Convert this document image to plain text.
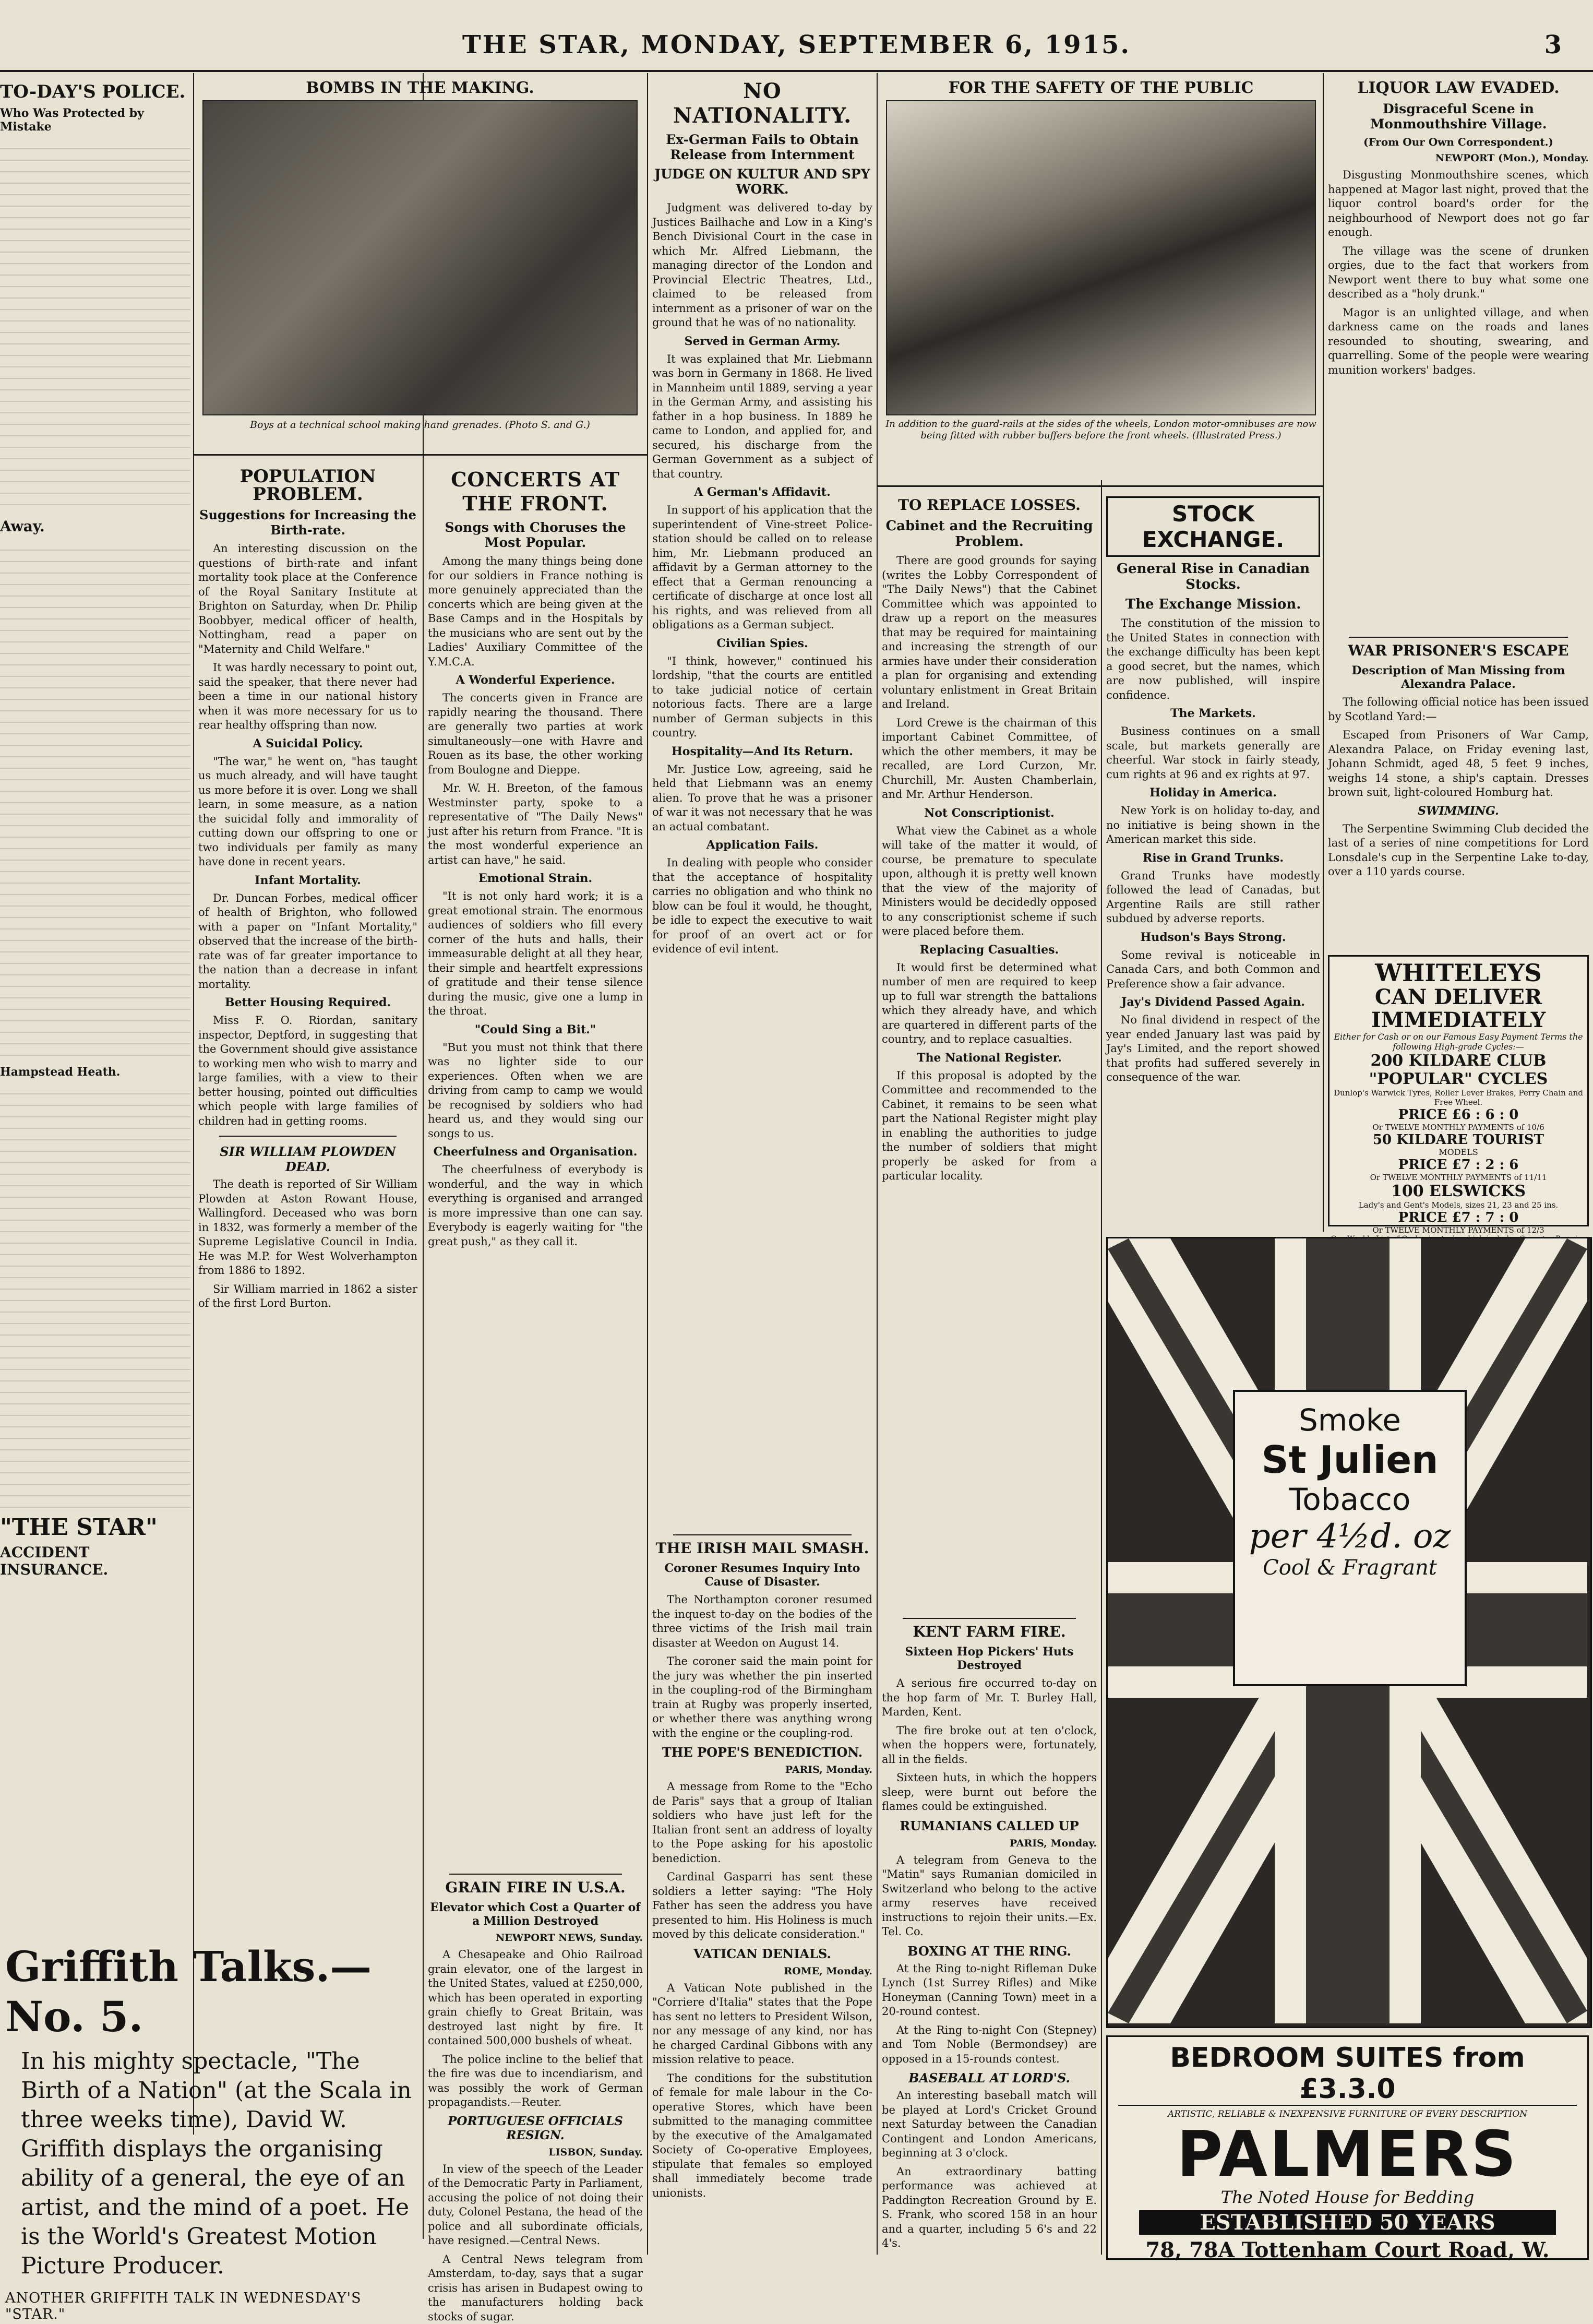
THE STAR, MONDAY, SEPTEMBER 6, 1915.	3
TO-DAY'S POLICE.
Who Was Protected by Mistake
Away.
Hampstead Heath.
"THE STAR"
ACCIDENT INSURANCE.
Griffith Talks.—No. 5.
In his mighty spectacle, "The Birth of a Nation" (at the Scala in three weeks time), David W. Griffith displays the organising ability of a general, the eye of an artist, and the mind of a poet. He is the World's Greatest Motion Picture Producer.
ANOTHER GRIFFITH TALK IN WEDNESDAY'S "STAR."
BOMBS IN THE MAKING.
Boys at a technical school making hand grenades. (Photo S. and G.)
POPULATION PROBLEM.
Suggestions for Increasing the Birth-rate.

An interesting discussion on the questions of birth-rate and infant mortality took place at the Conference of the Royal Sanitary Institute at Brighton on Saturday, when Dr. Philip Boobbyer, medical officer of health, Nottingham, read a paper on "Maternity and Child Welfare."

It was hardly necessary to point out, said the speaker, that there never had been a time in our national history when it was more necessary for us to rear healthy offspring than now.

A Suicidal Policy.

"The war," he went on, "has taught us much already, and will have taught us more before it is over. Long we shall learn, in some measure, as a nation the suicidal folly and immorality of cutting down our offspring to one or two individuals per family as many have done in recent years.

Infant Mortality.

Dr. Duncan Forbes, medical officer of health of Brighton, who followed with a paper on "Infant Mortality," observed that the increase of the birth-rate was of far greater importance to the nation than a decrease in infant mortality.

Better Housing Required.

Miss F. O. Riordan, sanitary inspector, Deptford, in suggesting that the Government should give assistance to working men who wish to marry and large families, with a view to their better housing, pointed out difficulties which people with large families of children had in getting rooms.

SIR WILLIAM PLOWDEN DEAD.

The death is reported of Sir William Plowden at Aston Rowant House, Wallingford. Deceased who was born in 1832, was formerly a member of the Supreme Legislative Council in India. He was M.P. for West Wolverhampton from 1886 to 1892.

Sir William married in 1862 a sister of the first Lord Burton.

CONCERTS AT THE FRONT.
Songs with Choruses the Most Popular.

Among the many things being done for our soldiers in France nothing is more genuinely appreciated than the concerts which are being given at the Base Camps and in the Hospitals by the musicians who are sent out by the Ladies' Auxiliary Committee of the Y.M.C.A.

A Wonderful Experience.

The concerts given in France are rapidly nearing the thousand. There are generally two parties at work simultaneously—one with Havre and Rouen as its base, the other working from Boulogne and Dieppe.

Mr. W. H. Breeton, of the famous Westminster party, spoke to a representative of "The Daily News" just after his return from France. "It is the most wonderful experience an artist can have," he said.

Emotional Strain.

"It is not only hard work; it is a great emotional strain. The enormous audiences of soldiers who fill every corner of the huts and halls, their immeasurable delight at all they hear, their simple and heartfelt expressions of gratitude and their tense silence during the music, give one a lump in the throat.

"Could Sing a Bit."

"But you must not think that there was no lighter side to our experiences. Often when we are driving from camp to camp we would be recognised by soldiers who had heard us, and they would sing our songs to us.

Cheerfulness and Organisation.

The cheerfulness of everybody is wonderful, and the way in which everything is organised and arranged is more impressive than one can say. Everybody is eagerly waiting for "the great push," as they call it.

GRAIN FIRE IN U.S.A.
Elevator which Cost a Quarter of a Million Destroyed
NEWPORT NEWS, Sunday.

A Chesapeake and Ohio Railroad grain elevator, one of the largest in the United States, valued at £250,000, which has been operated in exporting grain chiefly to Great Britain, was destroyed last night by fire. It contained 500,000 bushels of wheat.

The police incline to the belief that the fire was due to incendiarism, and was possibly the work of German propagandists.—Reuter.

PORTUGUESE OFFICIALS RESIGN.
LISBON, Sunday.

In view of the speech of the Leader of the Democratic Party in Parliament, accusing the police of not doing their duty, Colonel Pestana, the head of the police and all subordinate officials, have resigned.—Central News.

A Central News telegram from Amsterdam, to-day, says that a sugar crisis has arisen in Budapest owing to the manufacturers holding back stocks of sugar.

NO NATIONALITY.
Ex-German Fails to Obtain Release from Internment
JUDGE ON KULTUR AND SPY WORK.

Judgment was delivered to-day by Justices Bailhache and Low in a King's Bench Divisional Court in the case in which Mr. Alfred Liebmann, the managing director of the London and Provincial Electric Theatres, Ltd., claimed to be released from internment as a prisoner of war on the ground that he was of no nationality.

Served in German Army.

It was explained that Mr. Liebmann was born in Germany in 1868. He lived in Mannheim until 1889, serving a year in the German Army, and assisting his father in a hop business. In 1889 he came to London, and applied for, and secured, his discharge from the German Government as a subject of that country.

A German's Affidavit.

In support of his application that the superintendent of Vine-street Police-station should be called on to release him, Mr. Liebmann produced an affidavit by a German attorney to the effect that a German renouncing a certificate of discharge at once lost all his rights, and was relieved from all obligations as a German subject.

Civilian Spies.

"I think, however," continued his lordship, "that the courts are entitled to take judicial notice of certain notorious facts. There are a large number of German subjects in this country.

Hospitality—And Its Return.

Mr. Justice Low, agreeing, said he held that Liebmann was an enemy alien. To prove that he was a prisoner of war it was not necessary that he was an actual combatant.

Application Fails.

In dealing with people who consider that the acceptance of hospitality carries no obligation and who think no blow can be foul it would, he thought, be idle to expect the executive to wait for proof of an overt act or for evidence of evil intent.

THE IRISH MAIL SMASH.
Coroner Resumes Inquiry Into Cause of Disaster.

The Northampton coroner resumed the inquest to-day on the bodies of the three victims of the Irish mail train disaster at Weedon on August 14.

The coroner said the main point for the jury was whether the pin inserted in the coupling-rod of the Birmingham train at Rugby was properly inserted, or whether there was anything wrong with the engine or the coupling-rod.

THE POPE'S BENEDICTION.
PARIS, Monday.

A message from Rome to the "Echo de Paris" says that a group of Italian soldiers who have just left for the Italian front sent an address of loyalty to the Pope asking for his apostolic benediction.

Cardinal Gasparri has sent these soldiers a letter saying: "The Holy Father has seen the address you have presented to him. His Holiness is much moved by this delicate consideration."

VATICAN DENIALS.
ROME, Monday.

A Vatican Note published in the "Corriere d'Italia" states that the Pope has sent no letters to President Wilson, nor any message of any kind, nor has he charged Cardinal Gibbons with any mission relative to peace.

The conditions for the substitution of female for male labour in the Co-operative Stores, which have been submitted to the managing committee by the executive of the Amalgamated Society of Co-operative Employees, stipulate that females so employed shall immediately become trade unionists.

FOR THE SAFETY OF THE PUBLIC
In addition to the guard-rails at the sides of the wheels, London motor-omnibuses are now being fitted with rubber buffers before the front wheels. (Illustrated Press.)
TO REPLACE LOSSES.
Cabinet and the Recruiting Problem.

There are good grounds for saying (writes the Lobby Correspondent of "The Daily News") that the Cabinet Committee which was appointed to draw up a report on the measures that may be required for maintaining and increasing the strength of our armies have under their consideration a plan for organising and extending voluntary enlistment in Great Britain and Ireland.

Lord Crewe is the chairman of this important Cabinet Committee, of which the other members, it may be recalled, are Lord Curzon, Mr. Churchill, Mr. Austen Chamberlain, and Mr. Arthur Henderson.

Not Conscriptionist.

What view the Cabinet as a whole will take of the matter it would, of course, be premature to speculate upon, although it is pretty well known that the view of the majority of Ministers would be decidedly opposed to any conscriptionist scheme if such were placed before them.

Replacing Casualties.

It would first be determined what number of men are required to keep up to full war strength the battalions which they already have, and which are quartered in different parts of the country, and to replace casualties.

The National Register.

If this proposal is adopted by the Committee and recommended to the Cabinet, it remains to be seen what part the National Register might play in enabling the authorities to judge the number of soldiers that might properly be asked for from a particular locality.

KENT FARM FIRE.
Sixteen Hop Pickers' Huts Destroyed

A serious fire occurred to-day on the hop farm of Mr. T. Burley Hall, Marden, Kent.

The fire broke out at ten o'clock, when the hoppers were, fortunately, all in the fields.

Sixteen huts, in which the hoppers sleep, were burnt out before the flames could be extinguished.

RUMANIANS CALLED UP
PARIS, Monday.

A telegram from Geneva to the "Matin" says Rumanian domiciled in Switzerland who belong to the active army reserves have received instructions to rejoin their units.—Ex. Tel. Co.

BOXING AT THE RING.

At the Ring to-night Rifleman Duke Lynch (1st Surrey Rifles) and Mike Honeyman (Canning Town) meet in a 20-round contest.

At the Ring to-night Con (Stepney) and Tom Noble (Bermondsey) are opposed in a 15-rounds contest.

BASEBALL AT LORD'S.

An interesting baseball match will be played at Lord's Cricket Ground next Saturday between the Canadian Contingent and London Americans, beginning at 3 o'clock.

An extraordinary batting performance was achieved at Paddington Recreation Ground by E. S. Frank, who scored 158 in an hour and a quarter, including 5 6's and 22 4's.

STOCK EXCHANGE.
General Rise in Canadian Stocks.
The Exchange Mission.

The constitution of the mission to the United States in connection with the exchange difficulty has been kept a good secret, but the names, which are now published, will inspire confidence.

The Markets.

Business continues on a small scale, but markets generally are cheerful. War stock in fairly steady, cum rights at 96 and ex rights at 97.

Holiday in America.

New York is on holiday to-day, and no initiative is being shown in the American market this side.

Rise in Grand Trunks.

Grand Trunks have modestly followed the lead of Canadas, but Argentine Rails are still rather subdued by adverse reports.

Hudson's Bays Strong.

Some revival is noticeable in Canada Cars, and both Common and Preference show a fair advance.

Jay's Dividend Passed Again.

No final dividend in respect of the year ended January last was paid by Jay's Limited, and the report showed that profits had suffered severely in consequence of the war.

LIQUOR LAW EVADED.
Disgraceful Scene in Monmouthshire Village.
(From Our Own Correspondent.)
NEWPORT (Mon.), Monday.

Disgusting Monmouthshire scenes, which happened at Magor last night, proved that the liquor control board's order for the neighbourhood of Newport does not go far enough.

The village was the scene of drunken orgies, due to the fact that workers from Newport went there to buy what some one described as a "holy drunk."

Magor is an unlighted village, and when darkness came on the roads and lanes resounded to shouting, swearing, and quarrelling. Some of the people were wearing munition workers' badges.

WAR PRISONER'S ESCAPE
Description of Man Missing from Alexandra Palace.

The following official notice has been issued by Scotland Yard:—

Escaped from Prisoners of War Camp, Alexandra Palace, on Friday evening last, Johann Schmidt, aged 48, 5 feet 9 inches, weighs 14 stone, a ship's captain. Dresses brown suit, light-coloured Homburg hat.

SWIMMING.

The Serpentine Swimming Club decided the last of a series of nine competitions for Lord Lonsdale's cup in the Serpentine Lake to-day, over a 110 yards course.

WHITELEYS
CAN DELIVER
IMMEDIATELY
Either for Cash or on our Famous Easy Payment Terms the following High-grade Cycles:—
200 KILDARE CLUB
"POPULAR" CYCLES
Dunlop's Warwick Tyres, Roller Lever Brakes, Perry Chain and Free Wheel.
PRICE £6 : 6 : 0
Or TWELVE MONTHLY PAYMENTS of 10/6
50 KILDARE TOURIST
MODELS
PRICE £7 : 2 : 6
Or TWELVE MONTHLY PAYMENTS of 11/11
100 ELSWICKS
Lady's and Gent's Models, sizes 21, 23 and 25 ins.
PRICE £7 : 7 : 0
Or TWELVE MONTHLY PAYMENTS of 12/3
Smoke
St Julien
Tobacco
per 4½d. oz
Cool & Fragrant
BEDROOM SUITES from £3.3.0
ARTISTIC, RELIABLE & INEXPENSIVE FURNITURE OF EVERY DESCRIPTION
PALMERS
The Noted House for Bedding
ESTABLISHED 50 YEARS
78, 78A Tottenham Court Road, W.
